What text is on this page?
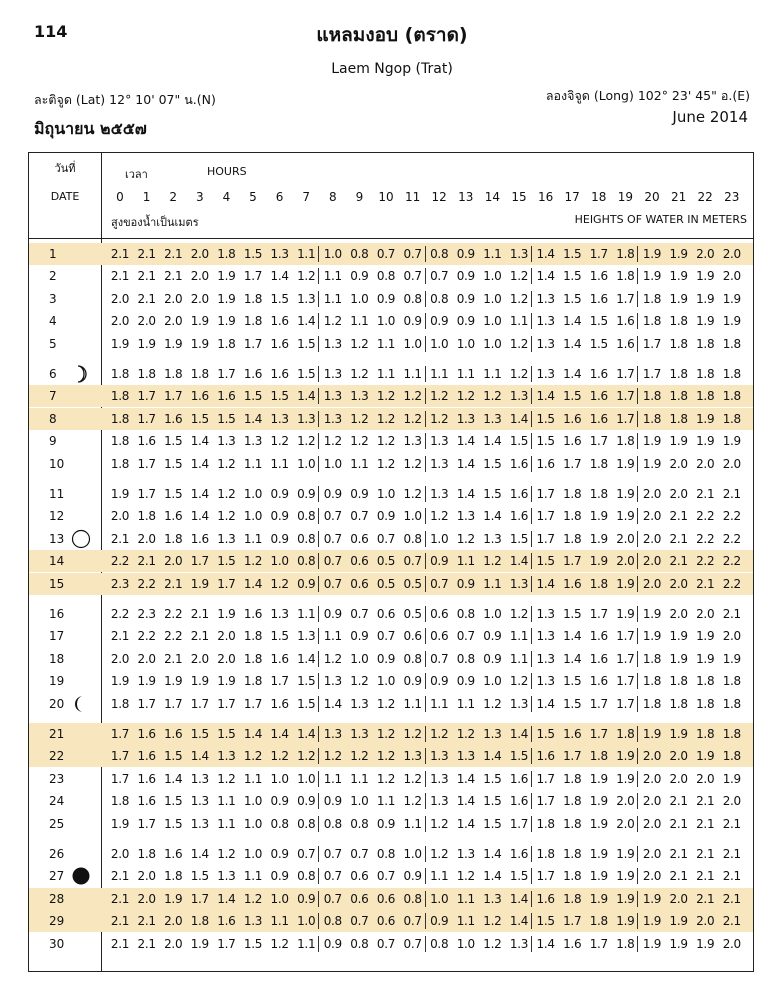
114	แหลมงอบ (ตราด)
Laem Ngop (Trat)
ละติจูด (Lat) 12° 10' 07" น.(N)	ลองจิจูด (Long) 102° 23' 45" อ.(E)
มิถุนายน ๒๕๕๗
June 2014
วันที่
DATE
เวลา	HOURS
สูงของน้ำเป็นเมตร	HEIGHTS OF WATER IN METERS
0	1	2	3	4	5	6	7	8	9	10 11 12 13 14 15 16 17 18 19 20 21 22 23
1	2.1 2.1 2.1 2.0 1.8 1.5 1.3 1.1 1.0 0.8 0.7 0.7 0.8 0.9 1.1 1.3 1.4 1.5 1.7 1.8 1.9 1.9 2.0 2.0
2	2.1 2.1 2.1 2.0 1.9 1.7 1.4 1.2 1.1 0.9 0.8 0.7 0.7 0.9 1.0 1.2 1.4 1.5 1.6 1.8 1.9 1.9 1.9 2.0
3	2.0 2.1 2.0 2.0 1.9 1.8 1.5 1.3 1.1 1.0 0.9 0.8 0.8 0.9 1.0 1.2 1.3 1.5 1.6 1.7 1.8 1.9 1.9 1.9
4	2.0 2.0 2.0 1.9 1.9 1.8 1.6 1.4 1.2 1.1 1.0 0.9 0.9 0.9 1.0 1.1 1.3 1.4 1.5 1.6 1.8 1.8 1.9 1.9
5	1.9 1.9 1.9 1.9 1.8 1.7 1.6 1.5 1.3 1.2 1.1 1.0 1.0 1.0 1.0 1.2 1.3 1.4 1.5 1.6 1.7 1.8 1.8 1.8
6	1.8 1.8 1.8 1.8 1.7 1.6 1.6 1.5 1.3 1.2 1.1 1.1 1.1 1.1 1.1 1.2 1.3 1.4 1.6 1.7 1.7 1.8 1.8 1.8
7	1.8 1.7 1.7 1.6 1.6 1.5 1.5 1.4 1.3 1.3 1.2 1.2 1.2 1.2 1.2 1.3 1.4 1.5 1.6 1.7 1.8 1.8 1.8 1.8
8	1.8 1.7 1.6 1.5 1.5 1.4 1.3 1.3 1.3 1.2 1.2 1.2 1.2 1.3 1.3 1.4 1.5 1.6 1.6 1.7 1.8 1.8 1.9 1.8
9	1.8 1.6 1.5 1.4 1.3 1.3 1.2 1.2 1.2 1.2 1.2 1.3 1.3 1.4 1.4 1.5 1.5 1.6 1.7 1.8 1.9 1.9 1.9 1.9
10	1.8 1.7 1.5 1.4 1.2 1.1 1.1 1.0 1.0 1.1 1.2 1.2 1.3 1.4 1.5 1.6 1.6 1.7 1.8 1.9 1.9 2.0 2.0 2.0
11	1.9 1.7 1.5 1.4 1.2 1.0 0.9 0.9 0.9 0.9 1.0 1.2 1.3 1.4 1.5 1.6 1.7 1.8 1.8 1.9 2.0 2.0 2.1 2.1
12	2.0 1.8 1.6 1.4 1.2 1.0 0.9 0.8 0.7 0.7 0.9 1.0 1.2 1.3 1.4 1.6 1.7 1.8 1.9 1.9 2.0 2.1 2.2 2.2
13	2.1 2.0 1.8 1.6 1.3 1.1 0.9 0.8 0.7 0.6 0.7 0.8 1.0 1.2 1.3 1.5 1.7 1.8 1.9 2.0 2.0 2.1 2.2 2.2
14	2.2 2.1 2.0 1.7 1.5 1.2 1.0 0.8 0.7 0.6 0.5 0.7 0.9 1.1 1.2 1.4 1.5 1.7 1.9 2.0 2.0 2.1 2.2 2.2
15	2.3 2.2 2.1 1.9 1.7 1.4 1.2 0.9 0.7 0.6 0.5 0.5 0.7 0.9 1.1 1.3 1.4 1.6 1.8 1.9 2.0 2.0 2.1 2.2
16	2.2 2.3 2.2 2.1 1.9 1.6 1.3 1.1 0.9 0.7 0.6 0.5 0.6 0.8 1.0 1.2 1.3 1.5 1.7 1.9 1.9 2.0 2.0 2.1
17	2.1 2.2 2.2 2.1 2.0 1.8 1.5 1.3 1.1 0.9 0.7 0.6 0.6 0.7 0.9 1.1 1.3 1.4 1.6 1.7 1.9 1.9 1.9 2.0
18	2.0 2.0 2.1 2.0 2.0 1.8 1.6 1.4 1.2 1.0 0.9 0.8 0.7 0.8 0.9 1.1 1.3 1.4 1.6 1.7 1.8 1.9 1.9 1.9
19	1.9 1.9 1.9 1.9 1.9 1.8 1.7 1.5 1.3 1.2 1.0 0.9 0.9 0.9 1.0 1.2 1.3 1.5 1.6 1.7 1.8 1.8 1.8 1.8
20	1.8 1.7 1.7 1.7 1.7 1.7 1.6 1.5 1.4 1.3 1.2 1.1 1.1 1.1 1.2 1.3 1.4 1.5 1.7 1.7 1.8 1.8 1.8 1.8
21	1.7 1.6 1.6 1.5 1.5 1.4 1.4 1.4 1.3 1.3 1.2 1.2 1.2 1.2 1.3 1.4 1.5 1.6 1.7 1.8 1.9 1.9 1.8 1.8
22	1.7 1.6 1.5 1.4 1.3 1.2 1.2 1.2 1.2 1.2 1.2 1.3 1.3 1.3 1.4 1.5 1.6 1.7 1.8 1.9 2.0 2.0 1.9 1.8
23	1.7 1.6 1.4 1.3 1.2 1.1 1.0 1.0 1.1 1.1 1.2 1.2 1.3 1.4 1.5 1.6 1.7 1.8 1.9 1.9 2.0 2.0 2.0 1.9
24	1.8 1.6 1.5 1.3 1.1 1.0 0.9 0.9 0.9 1.0 1.1 1.2 1.3 1.4 1.5 1.6 1.7 1.8 1.9 2.0 2.0 2.1 2.1 2.0
25	1.9 1.7 1.5 1.3 1.1 1.0 0.8 0.8 0.8 0.8 0.9 1.1 1.2 1.4 1.5 1.7 1.8 1.8 1.9 2.0 2.0 2.1 2.1 2.1
26	2.0 1.8 1.6 1.4 1.2 1.0 0.9 0.7 0.7 0.7 0.8 1.0 1.2 1.3 1.4 1.6 1.8 1.8 1.9 1.9 2.0 2.1 2.1 2.1
27	2.1 2.0 1.8 1.5 1.3 1.1 0.9 0.8 0.7 0.6 0.7 0.9 1.1 1.2 1.4 1.5 1.7 1.8 1.9 1.9 2.0 2.1 2.1 2.1
28	2.1 2.0 1.9 1.7 1.4 1.2 1.0 0.9 0.7 0.6 0.6 0.8 1.0 1.1 1.3 1.4 1.6 1.8 1.9 1.9 1.9 2.0 2.1 2.1
29	2.1 2.1 2.0 1.8 1.6 1.3 1.1 1.0 0.8 0.7 0.6 0.7 0.9 1.1 1.2 1.4 1.5 1.7 1.8 1.9 1.9 1.9 2.0 2.1
30	2.1 2.1 2.0 1.9 1.7 1.5 1.2 1.1 0.9 0.8 0.7 0.7 0.8 1.0 1.2 1.3 1.4 1.6 1.7 1.8 1.9 1.9 1.9 2.0
